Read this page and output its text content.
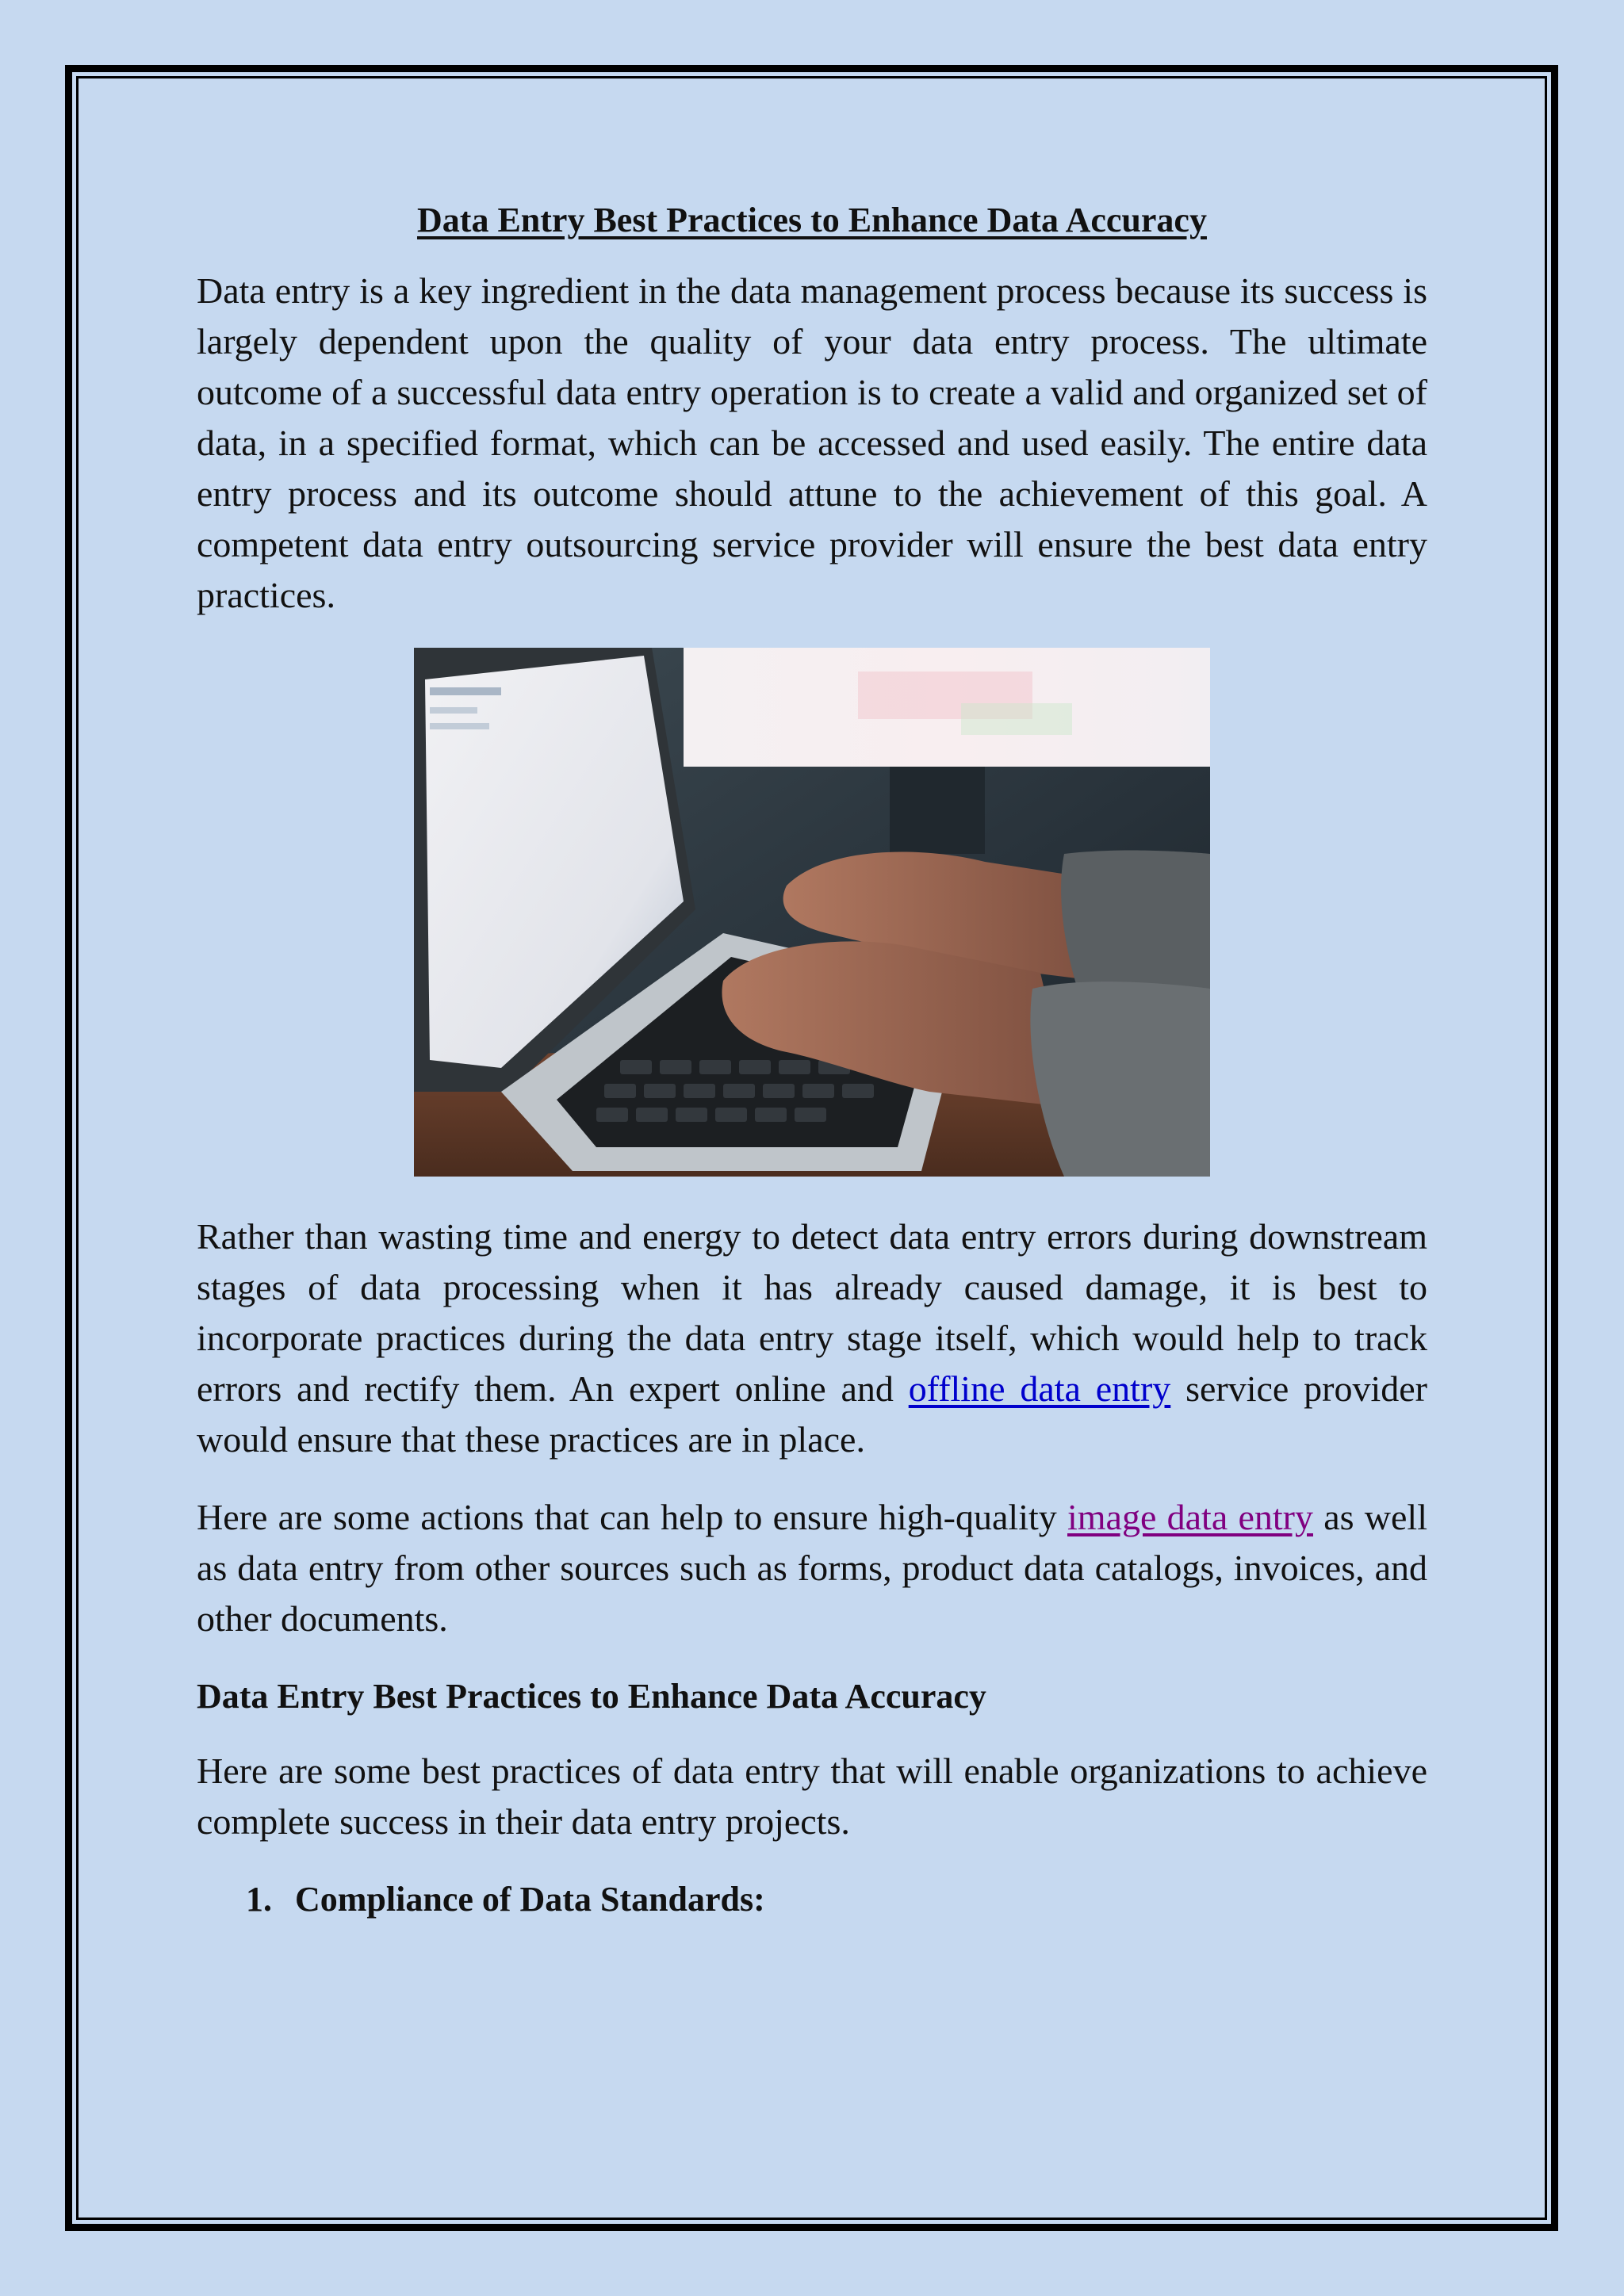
Data Entry Best Practices to Enhance Data Accuracy

Data entry is a key ingredient in the data management process because its success is largely dependent upon the quality of your data entry process. The ultimate outcome of a successful data entry operation is to create a valid and organized set of data, in a specified format, which can be accessed and used easily. The entire data entry process and its outcome should attune to the achievement of this goal. A competent data entry outsourcing service provider will ensure the best data entry practices.

Rather than wasting time and energy to detect data entry errors during downstream stages of data processing when it has already caused damage, it is best to incorporate practices during the data entry stage itself, which would help to track errors and rectify them. An expert online and offline data entry service provider would ensure that these practices are in place.

Here are some actions that can help to ensure high-quality image data entry as well as data entry from other sources such as forms, product data catalogs, invoices, and other documents.

Data Entry Best Practices to Enhance Data Accuracy

Here are some best practices of data entry that will enable organizations to achieve complete success in their data entry projects.

1. Compliance of Data Standards:
